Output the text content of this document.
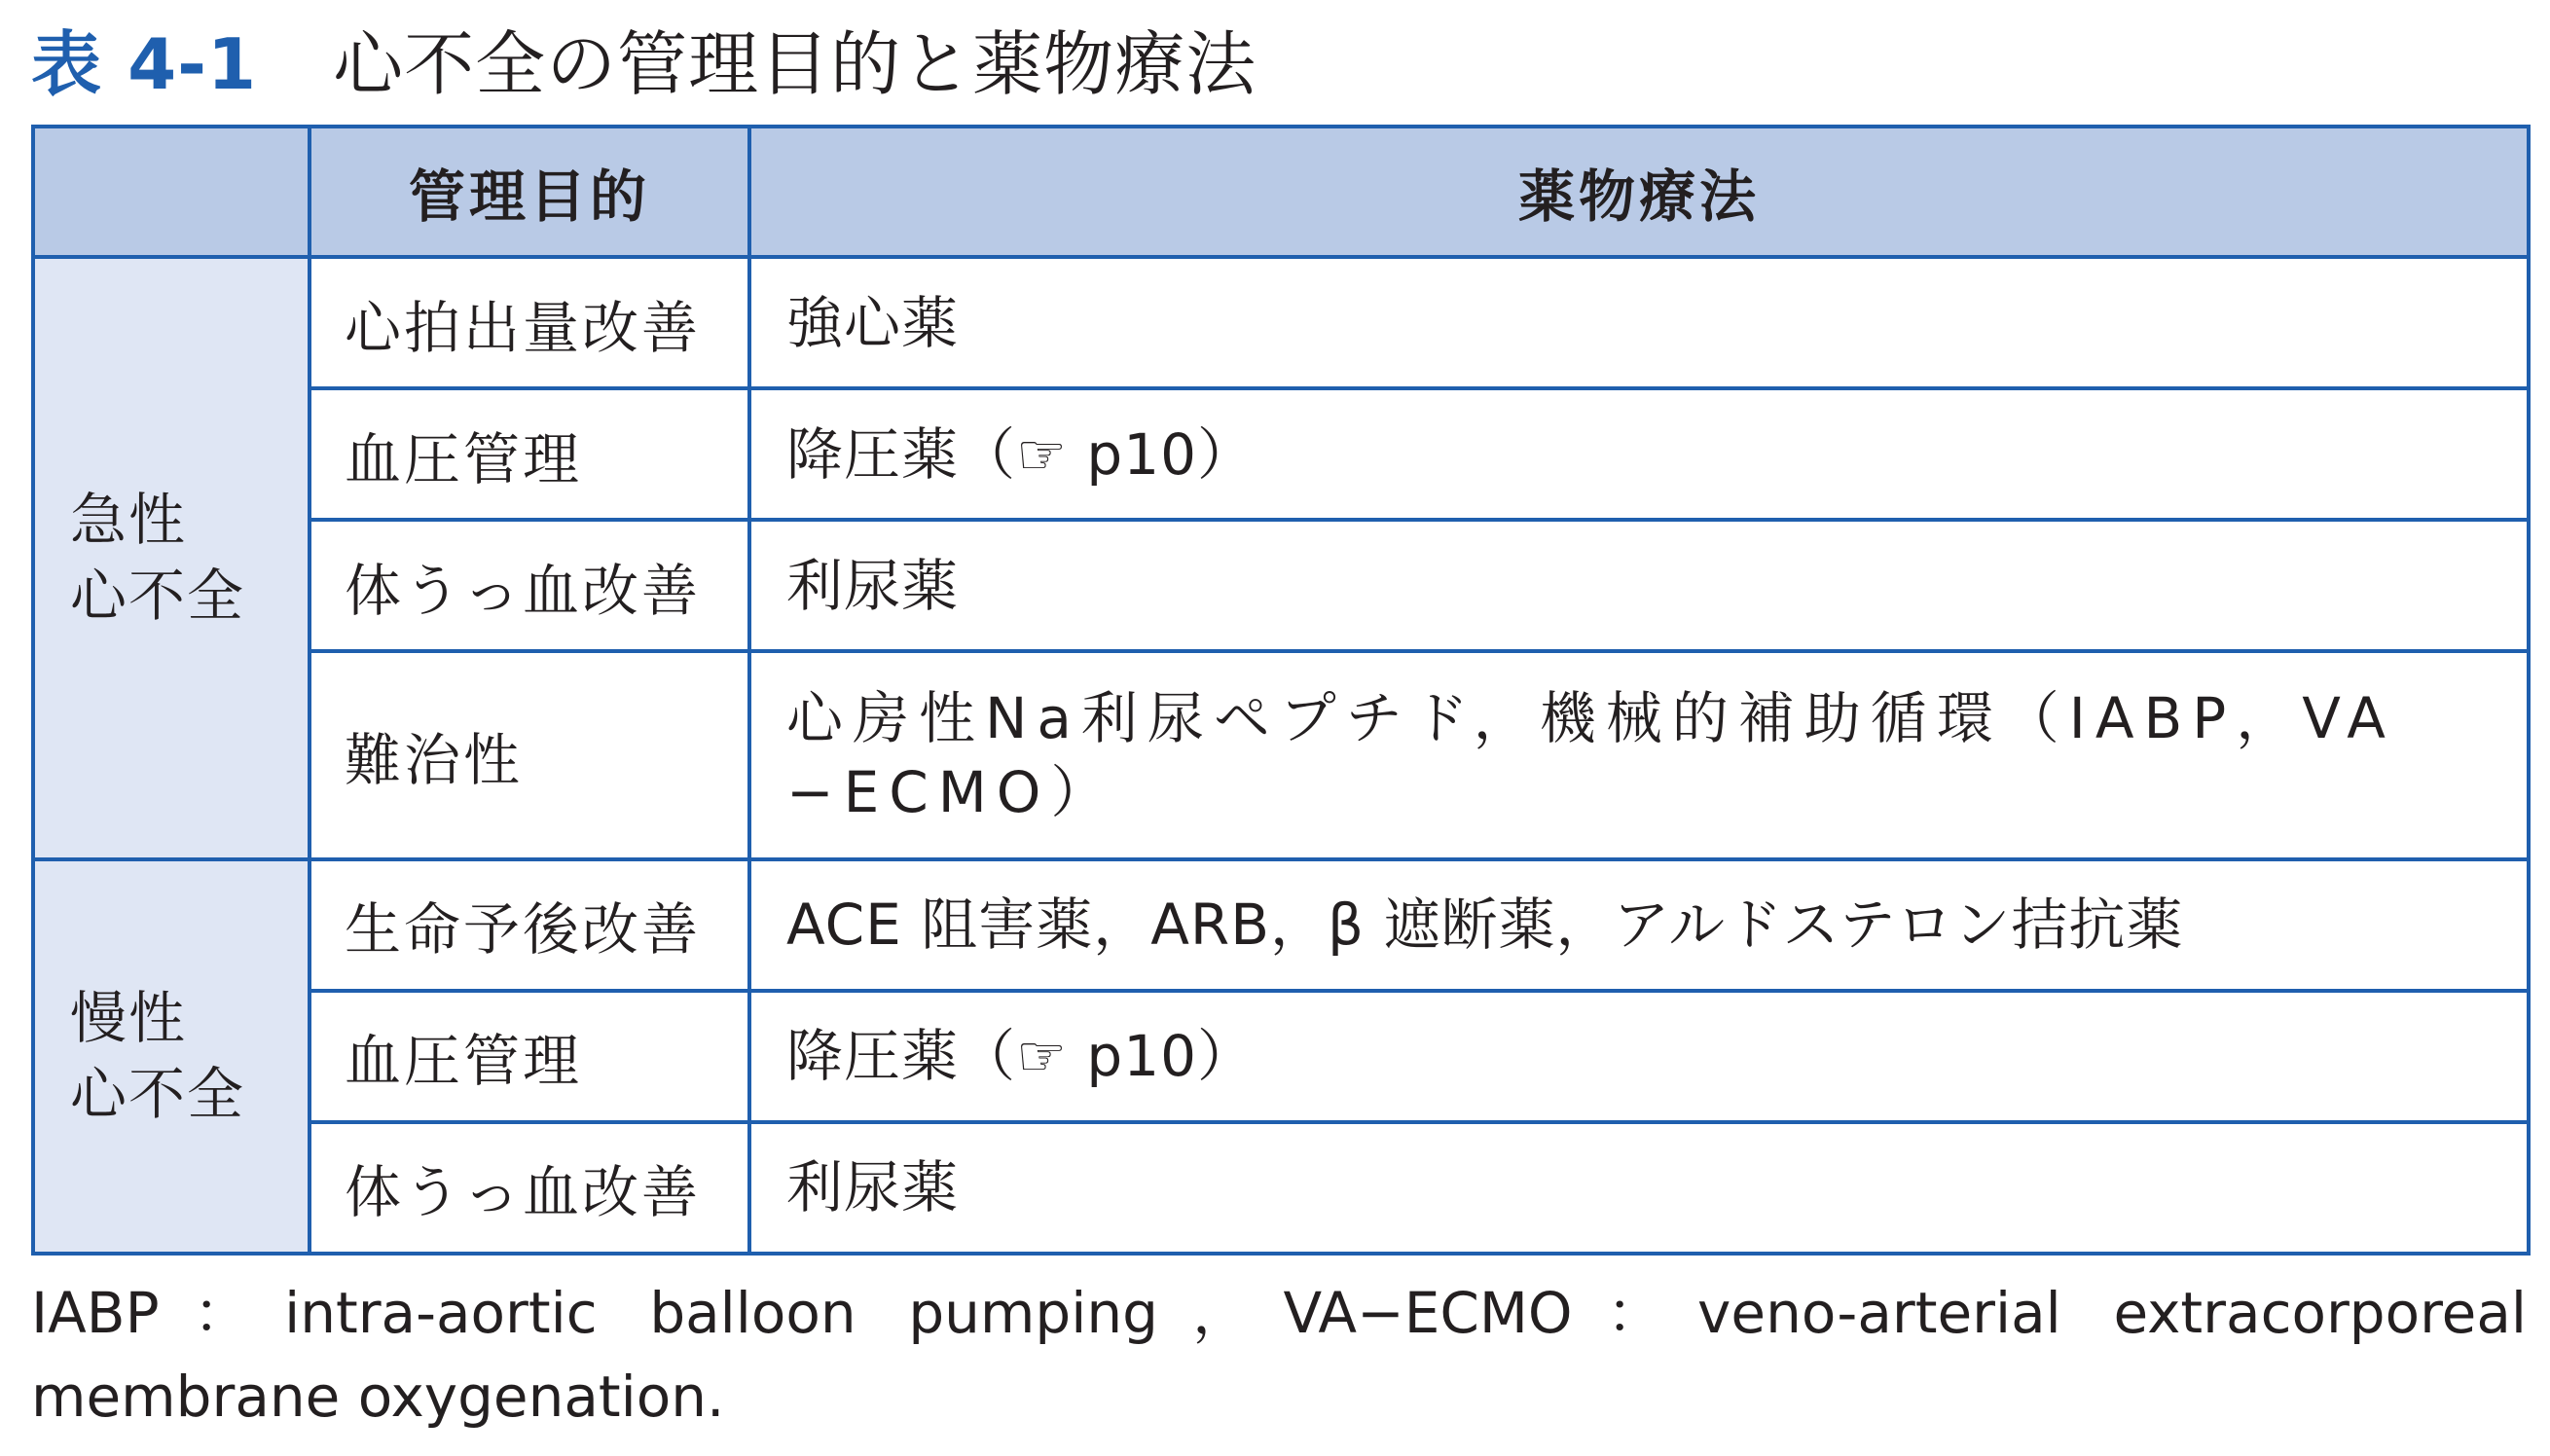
表 4-1 心不全の管理目的と薬物療法
	管理目的	薬物療法

急性
心不全	心拍出量改善	強心薬
	血圧管理	降圧薬（☞ p10）
	体うっ血改善	利尿薬
	難治性	心房性Na利尿ペプチド，機械的補助循環（IABP，VA−ECMO）

慢性
心不全	生命予後改善	ACE 阻害薬，ARB，β 遮断薬，アルドステロン拮抗薬
	血圧管理	降圧薬（☞ p10）
	体うっ血改善	利尿薬
IABP：intra-aortic balloon pumping，VA−ECMO：veno-arterial extracorporeal membrane oxygenation.
